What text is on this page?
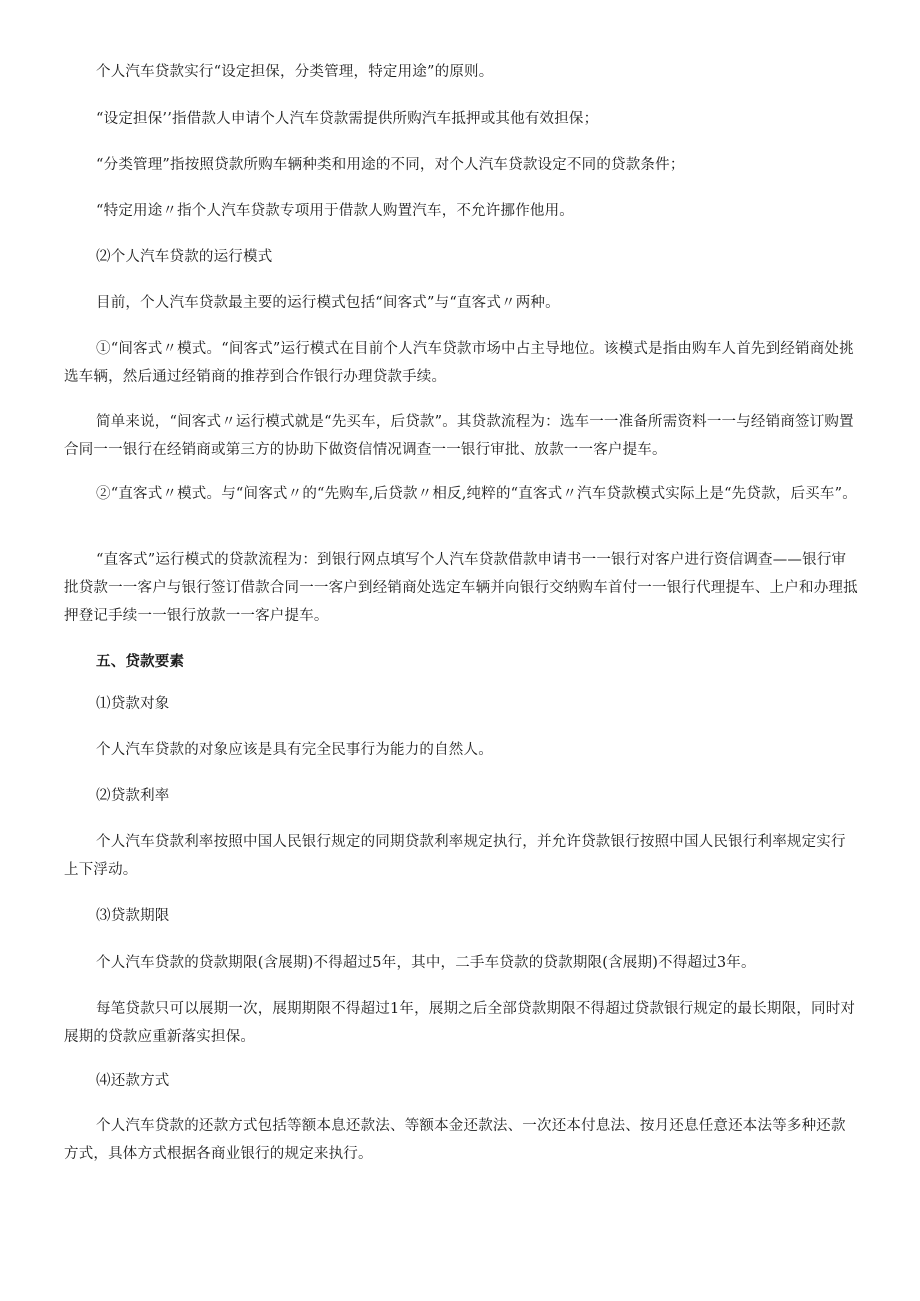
个人汽车贷款实行“设定担保，分类管理，特定用途”的原则。

“设定担保’’指借款人申请个人汽车贷款需提供所购汽车抵押或其他有效担保；

“分类管理”指按照贷款所购车辆种类和用途的不同，对个人汽车贷款设定不同的贷款条件；

“特定用途〃指个人汽车贷款专项用于借款人购置汽车，不允许挪作他用。

⑵个人汽车贷款的运行模式

目前，个人汽车贷款最主要的运行模式包括“间客式”与“直客式〃两种。

①“间客式〃模式。“间客式”运行模式在目前个人汽车贷款市场中占主导地位。该模式是指由购车人首先到经销商处挑选车辆，然后通过经销商的推荐到合作银行办理贷款手续。

简单来说，“间客式〃运行模式就是“先买车，后贷款”。其贷款流程为：选车一一准备所需资料一一与经销商签订购置合同一一银行在经销商或第三方的协助下做资信情况调查一一银行审批、放款一一客户提车。

②“直客式〃模式。与“间客式〃的“先购车,后贷款〃相反,纯粹的“直客式〃汽车贷款模式实际上是“先贷款，后买车”。

“直客式”运行模式的贷款流程为：到银行网点填写个人汽车贷款借款申请书一一银行对客户进行资信调查——银行审批贷款一一客户与银行签订借款合同一一客户到经销商处选定车辆并向银行交纳购车首付一一银行代理提车、上户和办理抵押登记手续一一银行放款一一客户提车。

五、贷款要素

⑴贷款对象

个人汽车贷款的对象应该是具有完全民事行为能力的自然人。

⑵贷款利率

个人汽车贷款利率按照中国人民银行规定的同期贷款利率规定执行，并允许贷款银行按照中国人民银行利率规定实行上下浮动。

⑶贷款期限

个人汽车贷款的贷款期限(含展期)不得超过5年，其中，二手车贷款的贷款期限(含展期)不得超过3年。

每笔贷款只可以展期一次，展期期限不得超过1年，展期之后全部贷款期限不得超过贷款银行规定的最长期限，同时对展期的贷款应重新落实担保。

⑷还款方式

个人汽车贷款的还款方式包括等额本息还款法、等额本金还款法、一次还本付息法、按月还息任意还本法等多种还款方式，具体方式根据各商业银行的规定来执行。
